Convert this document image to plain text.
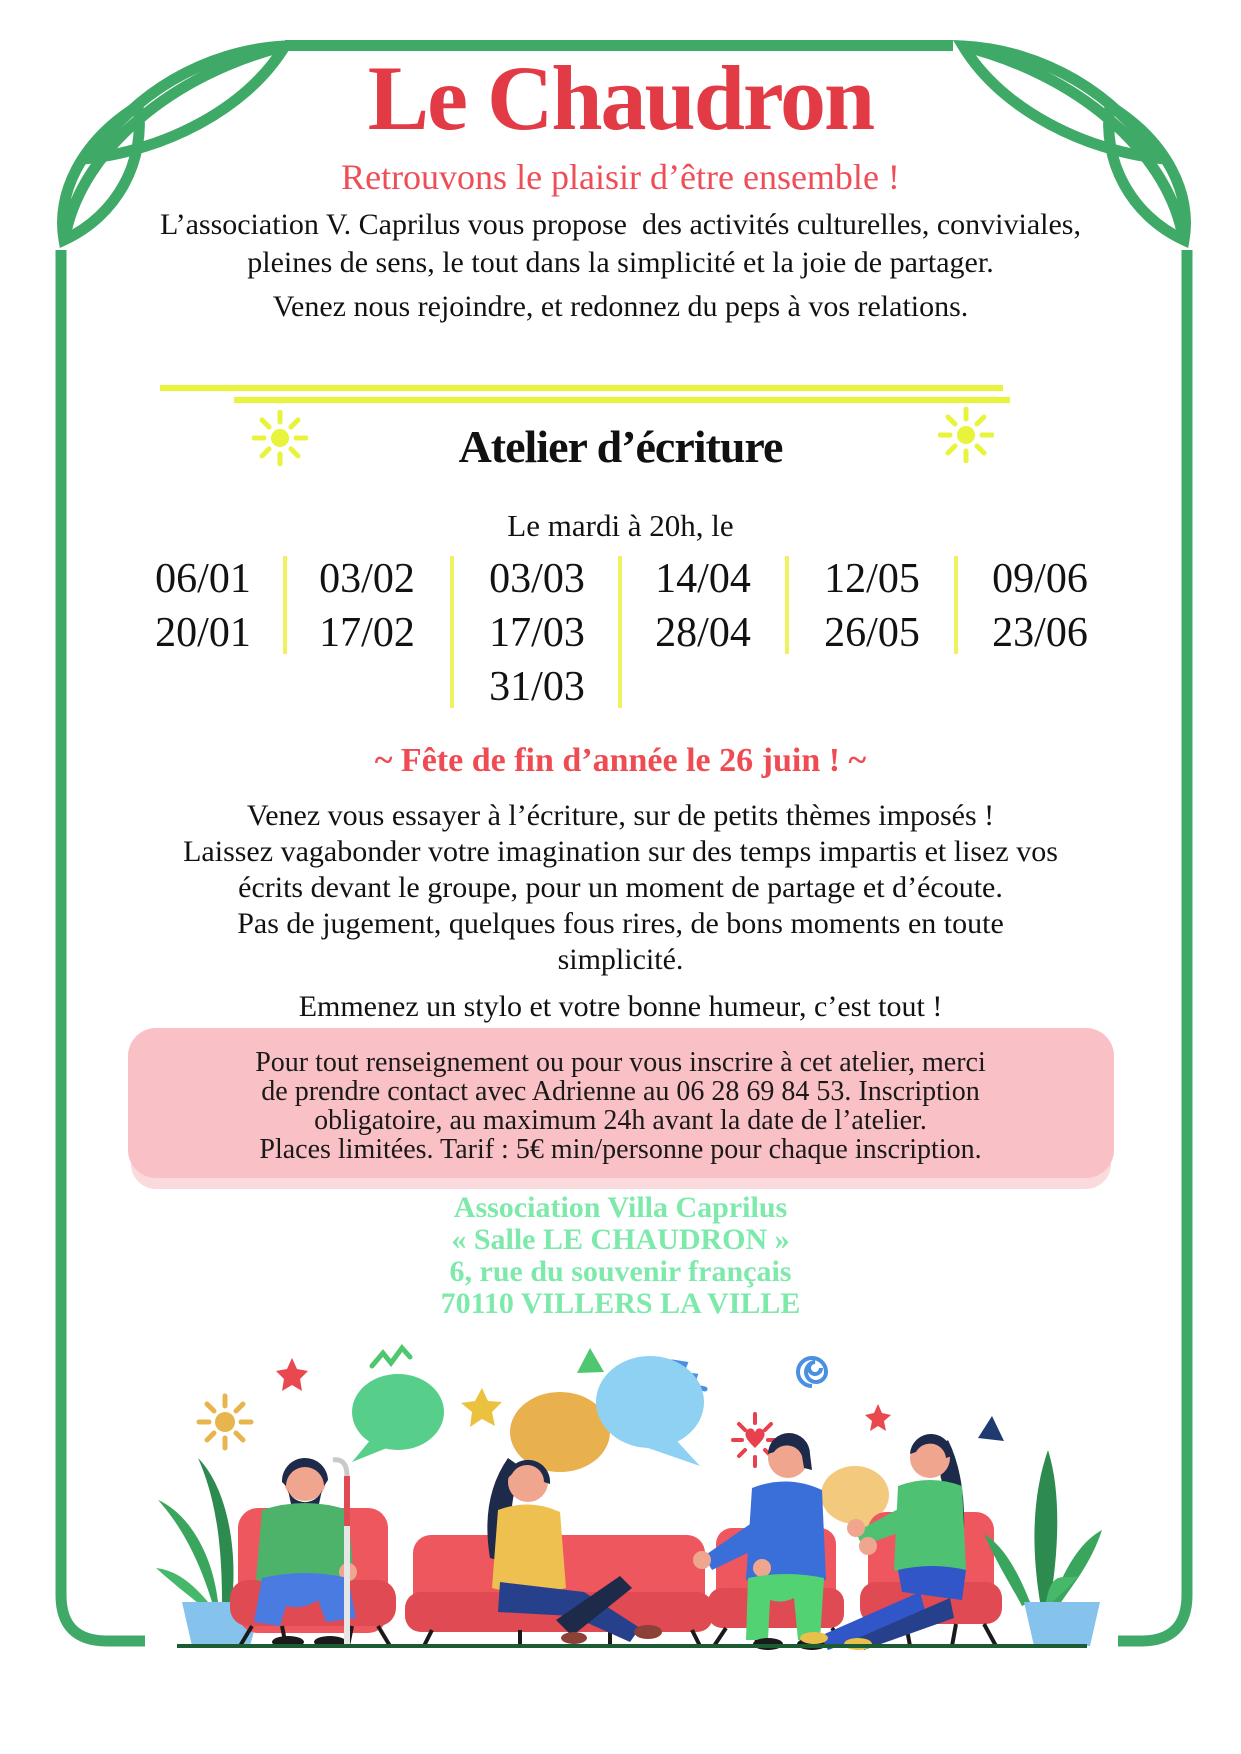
Le Chaudron
Retrouvons le plaisir d’être ensemble !
L’association V. Caprilus vous propose  des activités culturelles, conviviales,
pleines de sens, le tout dans la simplicité et la joie de partager.
Venez nous rejoindre, et redonnez du peps à vos relations.
Atelier d’écriture
Le mardi à 20h, le
06/01
20/01
03/02
17/02
03/03
17/03
31/03
14/04
28/04
12/05
26/05
09/06
23/06
~ Fête de fin d’année le 26 juin ! ~
Venez vous essayer à l’écriture, sur de petits thèmes imposés !
Laissez vagabonder votre imagination sur des temps impartis et lisez vos
écrits devant le groupe, pour un moment de partage et d’écoute.
Pas de jugement, quelques fous rires, de bons moments en toute
simplicité.
Emmenez un stylo et votre bonne humeur, c’est tout !
Pour tout renseignement ou pour vous inscrire à cet atelier, merci
de prendre contact avec Adrienne au 06 28 69 84 53. Inscription
obligatoire, au maximum 24h avant la date de l’atelier.
Places limitées. Tarif : 5€ min/personne pour chaque inscription.
Association Villa Caprilus
« Salle LE CHAUDRON »
6, rue du souvenir français
70110 VILLERS LA VILLE
